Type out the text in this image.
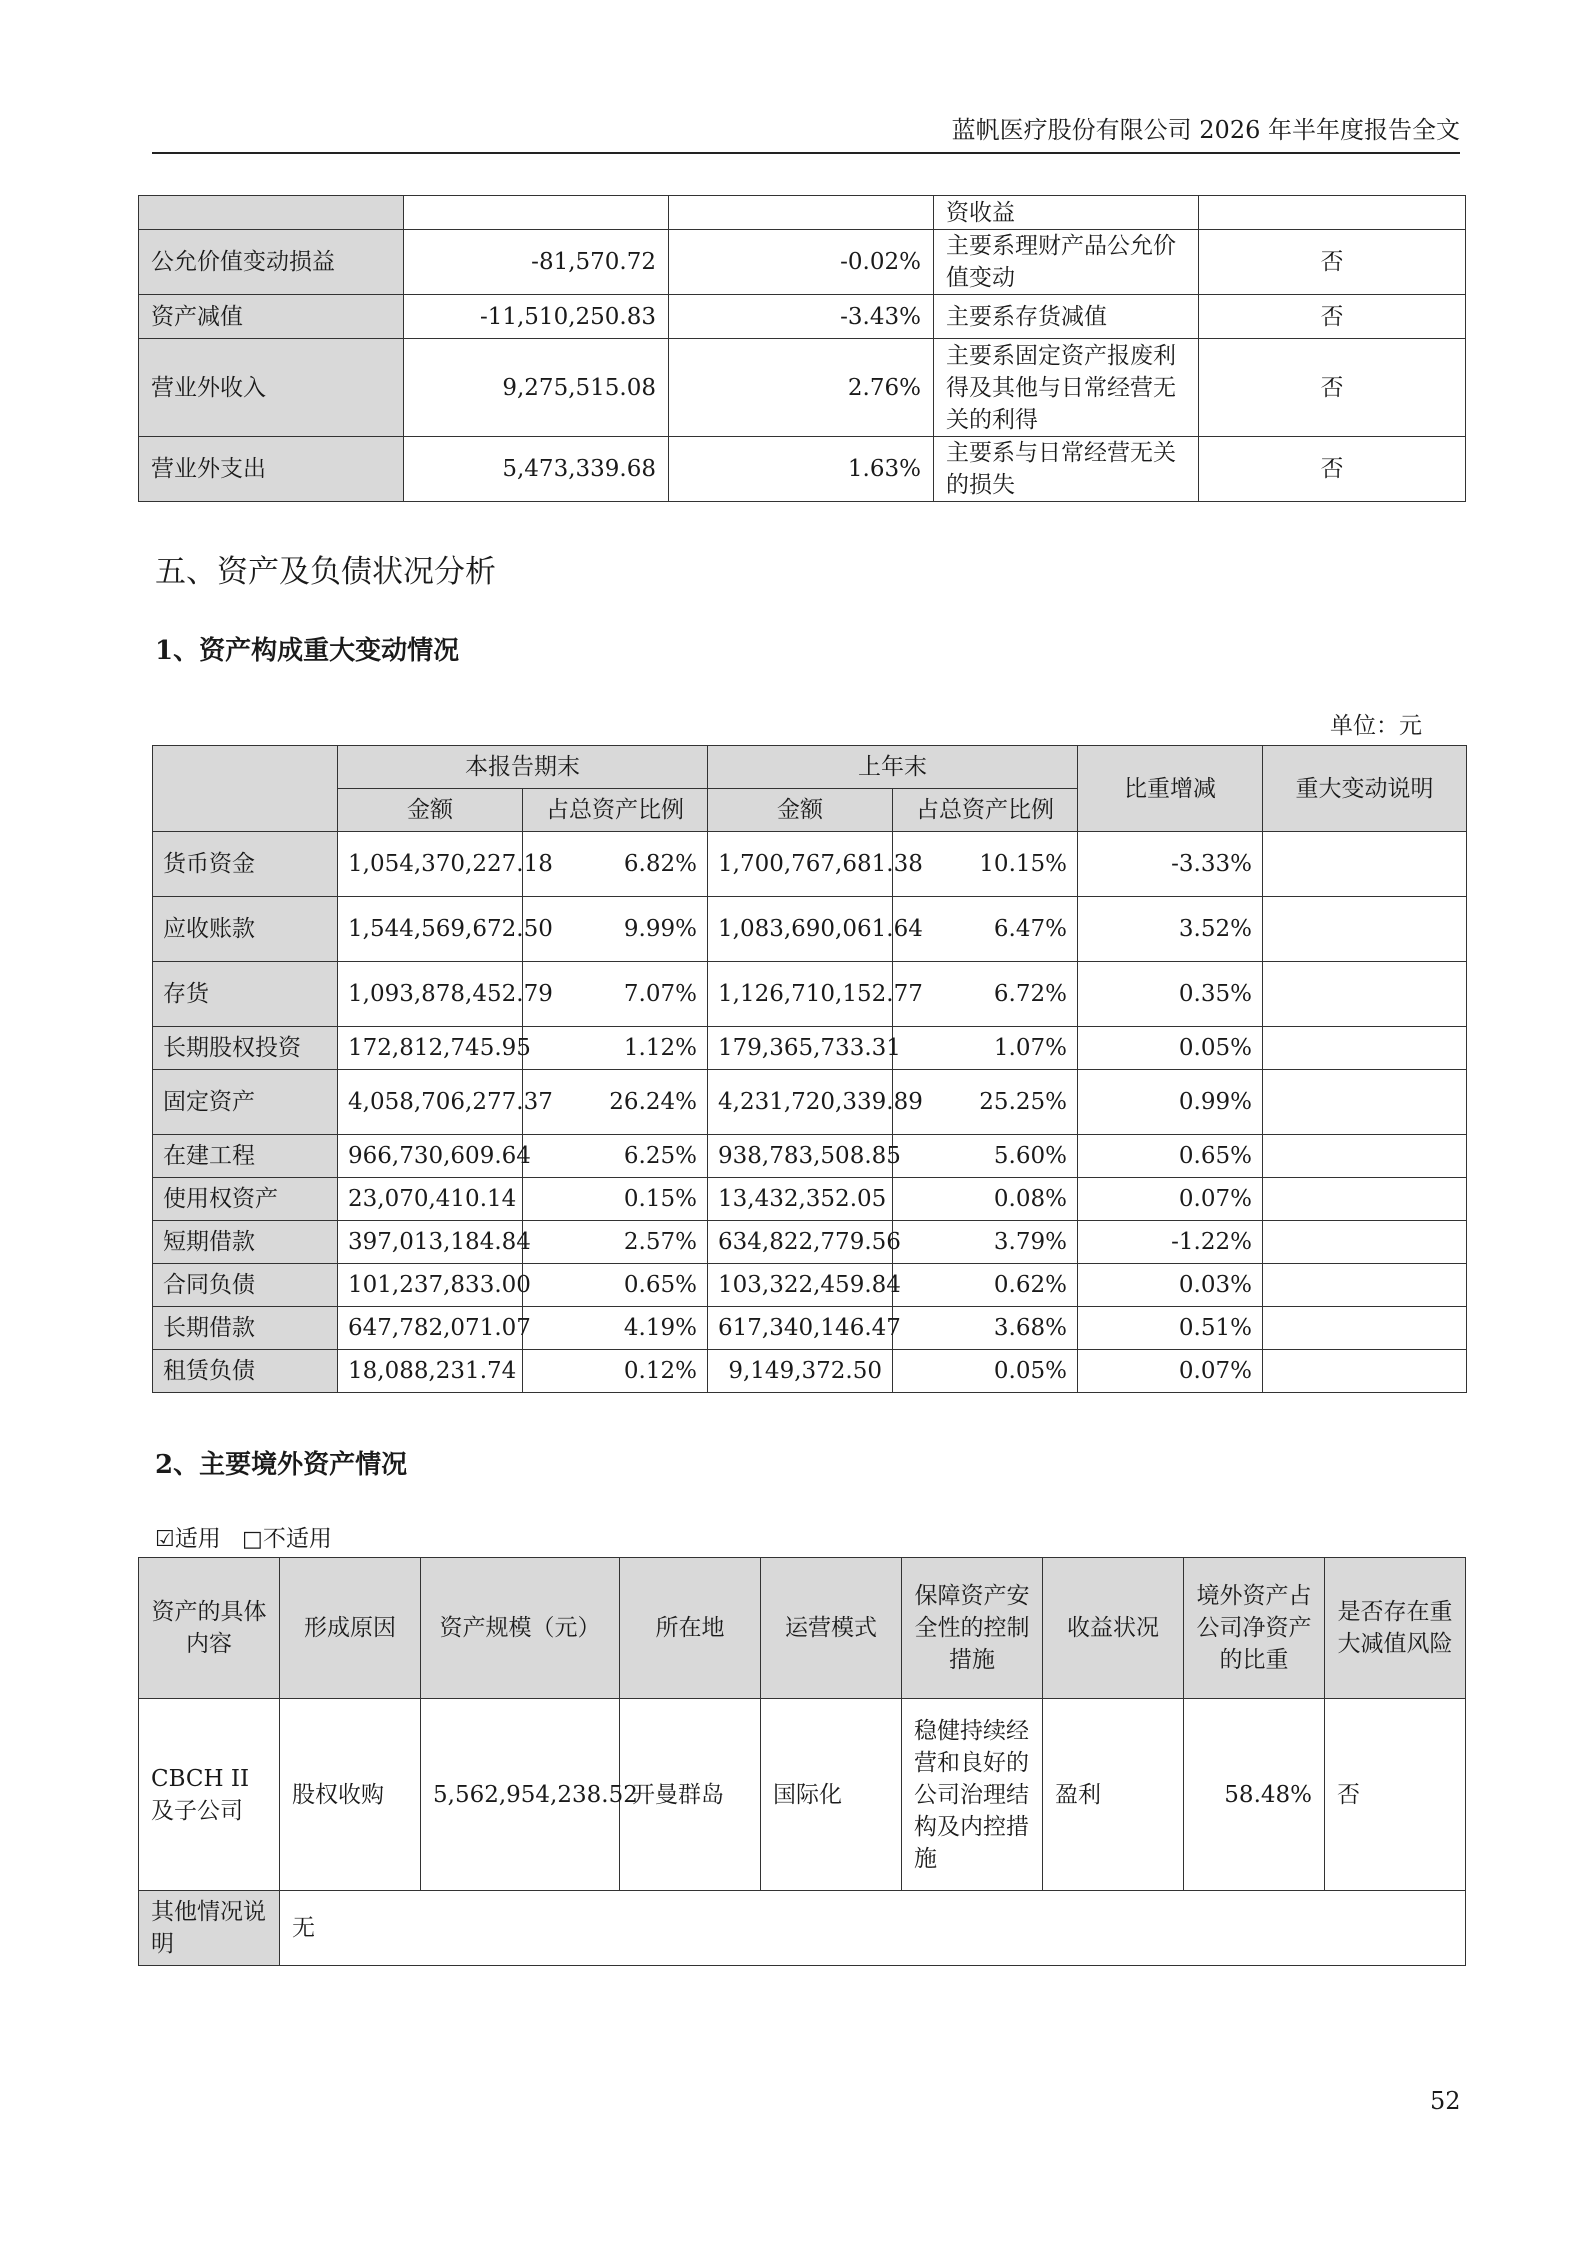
蓝帆医疗股份有限公司 2026 年半年度报告全文
			资收益	
公允价值变动损益	-81,570.72	-0.02%	主要系理财产品公允价值变动	否
资产减值	-11,510,250.83	-3.43%	主要系存货减值	否
营业外收入	9,275,515.08	2.76%	主要系固定资产报废利得及其他与日常经营无关的利得	否
营业外支出	5,473,339.68	1.63%	主要系与日常经营无关的损失	否
五、资产及负债状况分析
1、资产构成重大变动情况
单位：元
	本报告期末		上年末		比重增减	重大变动说明
	金额	占总资产比例	金额	占总资产比例		
货币资金	1,054,370,227.18	6.82%	1,700,767,681.38	10.15%	-3.33%	
应收账款	1,544,569,672.50	9.99%	1,083,690,061.64	6.47%	3.52%	
存货	1,093,878,452.79	7.07%	1,126,710,152.77	6.72%	0.35%	
长期股权投资	172,812,745.95	1.12%	179,365,733.31	1.07%	0.05%	
固定资产	4,058,706,277.37	26.24%	4,231,720,339.89	25.25%	0.99%	
在建工程	966,730,609.64	6.25%	938,783,508.85	5.60%	0.65%	
使用权资产	23,070,410.14	0.15%	13,432,352.05	0.08%	0.07%	
短期借款	397,013,184.84	2.57%	634,822,779.56	3.79%	-1.22%	
合同负债	101,237,833.00	0.65%	103,322,459.84	0.62%	0.03%	
长期借款	647,782,071.07	4.19%	617,340,146.47	3.68%	0.51%	
租赁负债	18,088,231.74	0.12%	9,149,372.50	0.05%	0.07%	
2、主要境外资产情况
☑适用 □不适用
资产的具体内容	形成原因	资产规模（元）	所在地	运营模式	保障资产安全性的控制措施	收益状况	境外资产占公司净资产的比重	是否存在重大减值风险
CBCH II 及子公司	股权收购	5,562,954,238.52	开曼群岛	国际化	稳健持续经营和良好的公司治理结构及内控措施	盈利	58.48%	否
其他情况说明	无							
52
